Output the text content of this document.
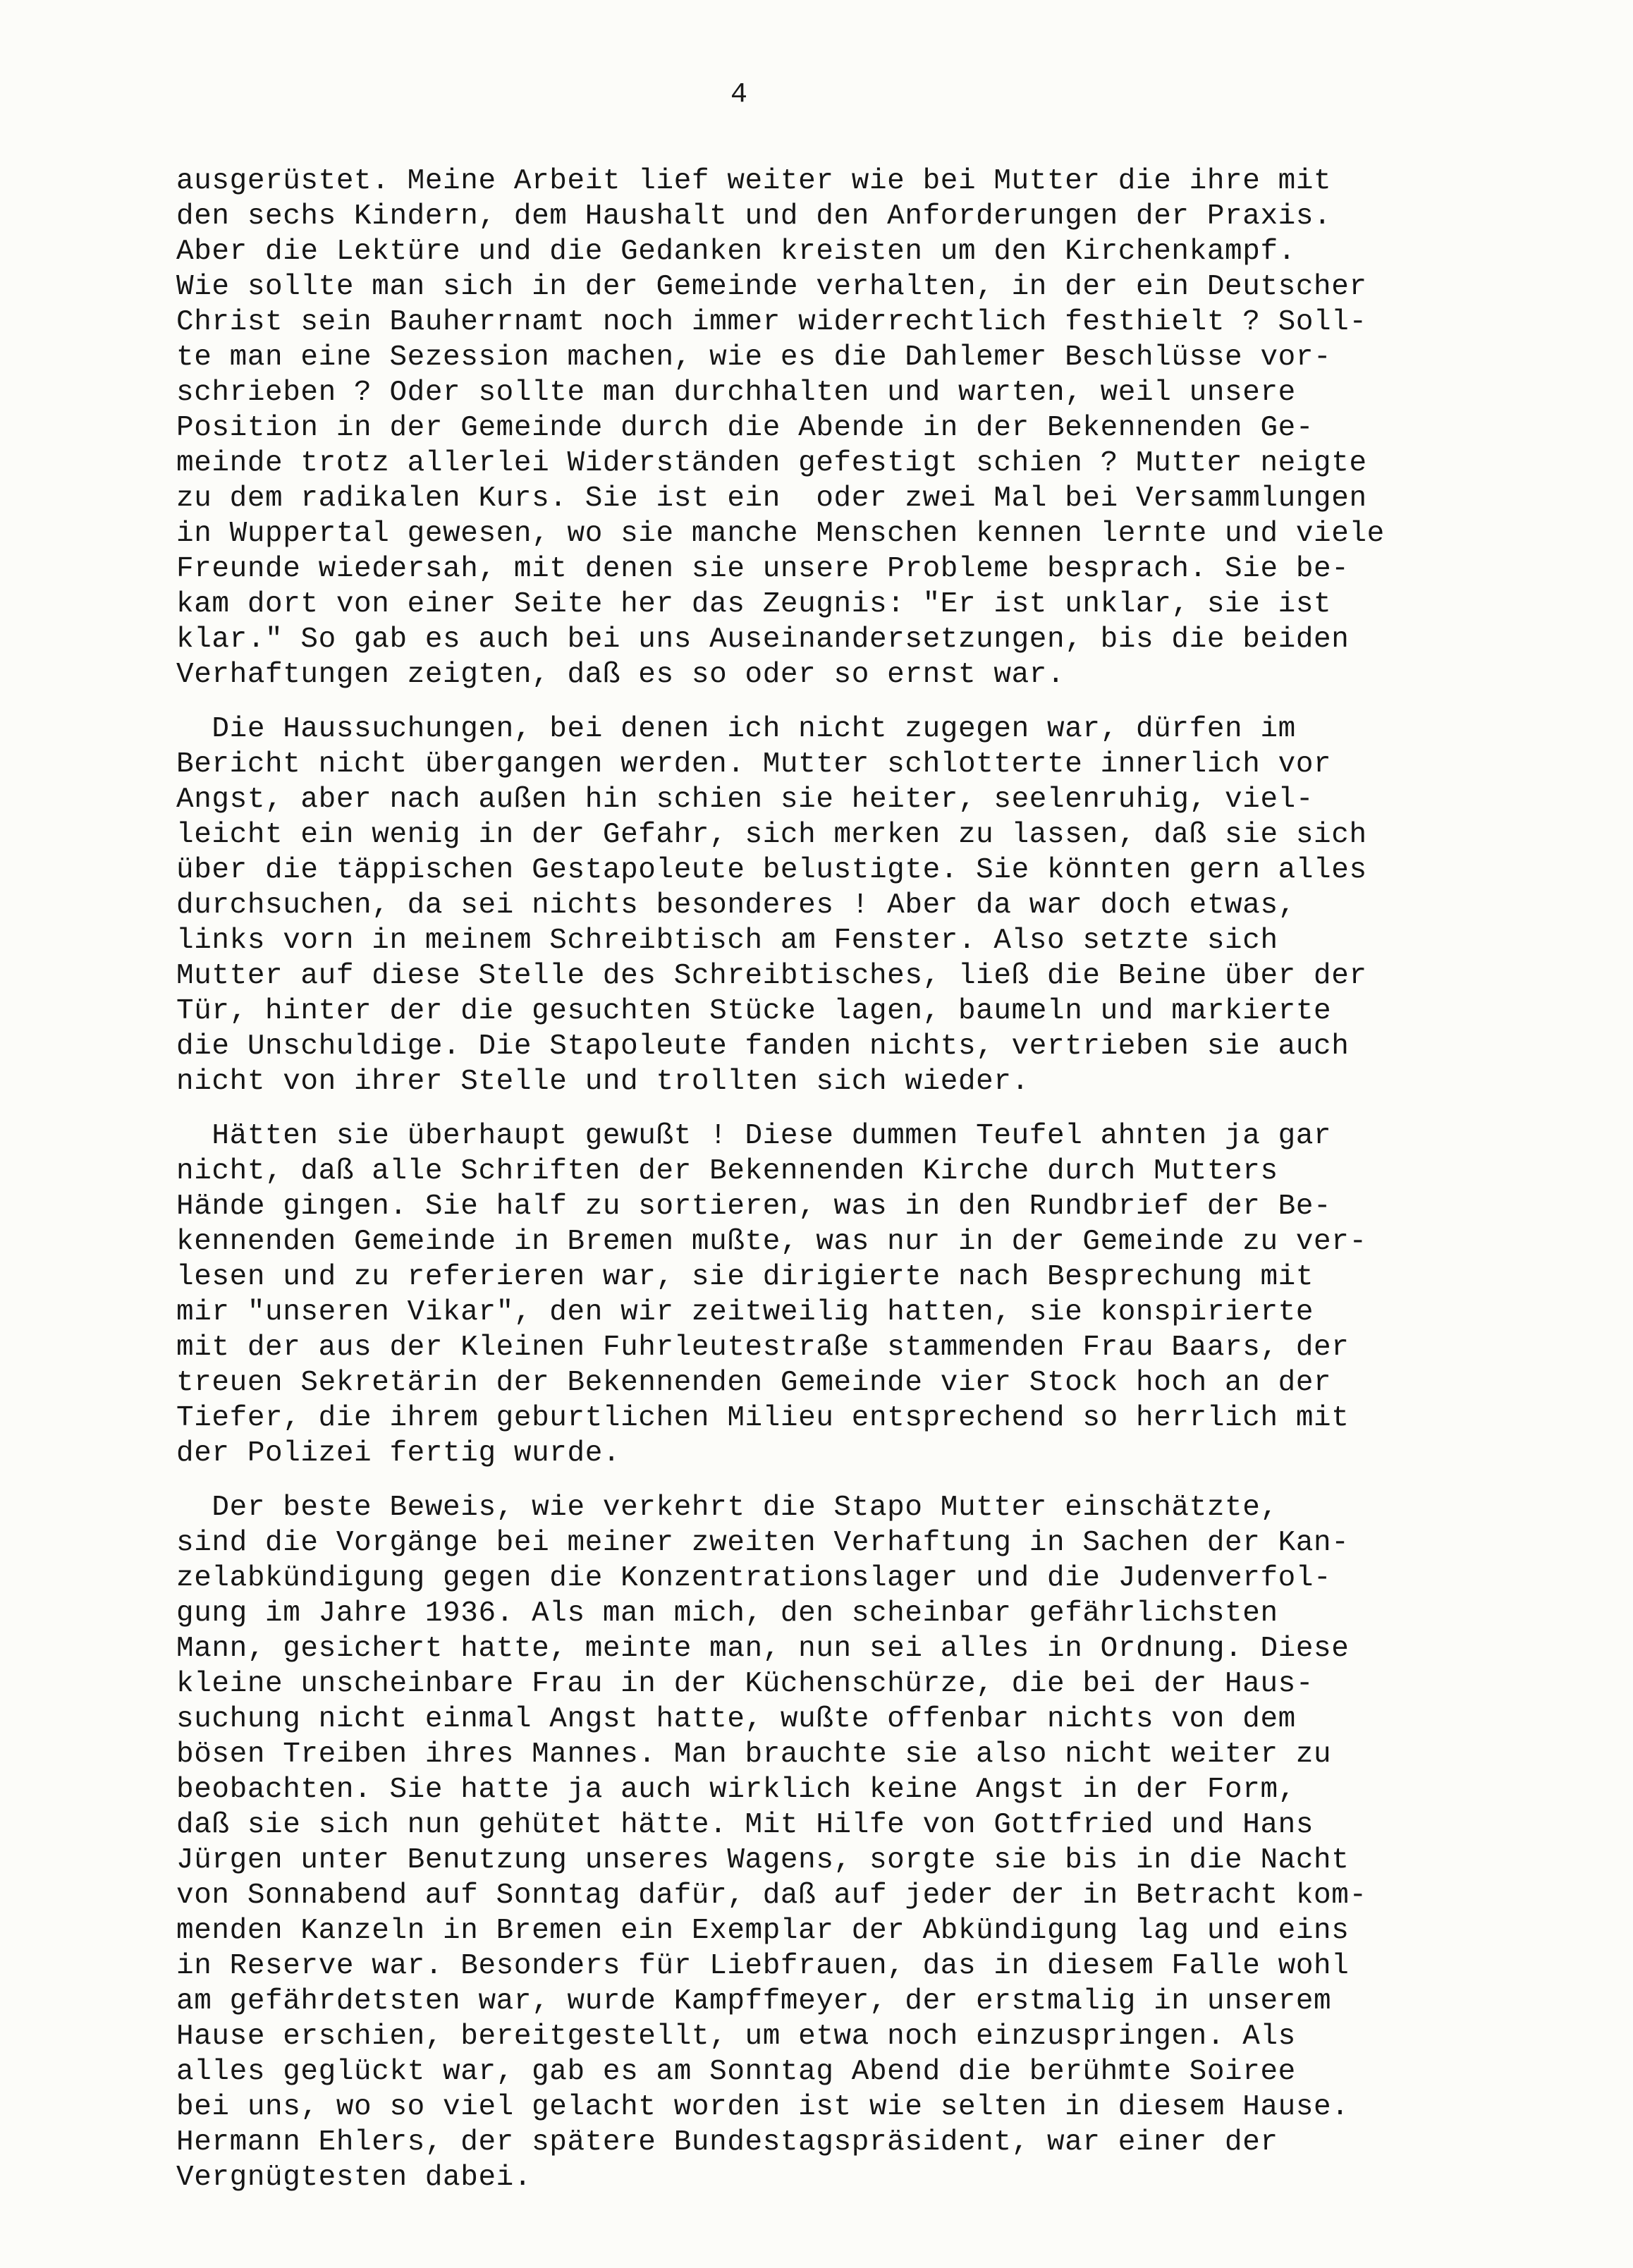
4
ausgerüstet. Meine Arbeit lief weiter wie bei Mutter die ihre mit
den sechs Kindern, dem Haushalt und den Anforderungen der Praxis.
Aber die Lektüre und die Gedanken kreisten um den Kirchenkampf.
Wie sollte man sich in der Gemeinde verhalten, in der ein Deutscher
Christ sein Bauherrnamt noch immer widerrechtlich festhielt ? Soll-
te man eine Sezession machen, wie es die Dahlemer Beschlüsse vor-
schrieben ? Oder sollte man durchhalten und warten, weil unsere
Position in der Gemeinde durch die Abende in der Bekennenden Ge-
meinde trotz allerlei Widerständen gefestigt schien ? Mutter neigte
zu dem radikalen Kurs. Sie ist ein  oder zwei Mal bei Versammlungen
in Wuppertal gewesen, wo sie manche Menschen kennen lernte und viele
Freunde wiedersah, mit denen sie unsere Probleme besprach. Sie be-
kam dort von einer Seite her das Zeugnis: "Er ist unklar, sie ist
klar." So gab es auch bei uns Auseinandersetzungen, bis die beiden
Verhaftungen zeigten, daß es so oder so ernst war.
Die Haussuchungen, bei denen ich nicht zugegen war, dürfen im
Bericht nicht übergangen werden. Mutter schlotterte innerlich vor
Angst, aber nach außen hin schien sie heiter, seelenruhig, viel-
leicht ein wenig in der Gefahr, sich merken zu lassen, daß sie sich
über die täppischen Gestapoleute belustigte. Sie könnten gern alles
durchsuchen, da sei nichts besonderes ! Aber da war doch etwas,
links vorn in meinem Schreibtisch am Fenster. Also setzte sich
Mutter auf diese Stelle des Schreibtisches, ließ die Beine über der
Tür, hinter der die gesuchten Stücke lagen, baumeln und markierte
die Unschuldige. Die Stapoleute fanden nichts, vertrieben sie auch
nicht von ihrer Stelle und trollten sich wieder.
Hätten sie überhaupt gewußt ! Diese dummen Teufel ahnten ja gar
nicht, daß alle Schriften der Bekennenden Kirche durch Mutters
Hände gingen. Sie half zu sortieren, was in den Rundbrief der Be-
kennenden Gemeinde in Bremen mußte, was nur in der Gemeinde zu ver-
lesen und zu referieren war, sie dirigierte nach Besprechung mit
mir "unseren Vikar", den wir zeitweilig hatten, sie konspirierte
mit der aus der Kleinen Fuhrleutestraße stammenden Frau Baars, der
treuen Sekretärin der Bekennenden Gemeinde vier Stock hoch an der
Tiefer, die ihrem geburtlichen Milieu entsprechend so herrlich mit
der Polizei fertig wurde.
Der beste Beweis, wie verkehrt die Stapo Mutter einschätzte,
sind die Vorgänge bei meiner zweiten Verhaftung in Sachen der Kan-
zelabkündigung gegen die Konzentrationslager und die Judenverfol-
gung im Jahre 1936. Als man mich, den scheinbar gefährlichsten
Mann, gesichert hatte, meinte man, nun sei alles in Ordnung. Diese
kleine unscheinbare Frau in der Küchenschürze, die bei der Haus-
suchung nicht einmal Angst hatte, wußte offenbar nichts von dem
bösen Treiben ihres Mannes. Man brauchte sie also nicht weiter zu
beobachten. Sie hatte ja auch wirklich keine Angst in der Form,
daß sie sich nun gehütet hätte. Mit Hilfe von Gottfried und Hans
Jürgen unter Benutzung unseres Wagens, sorgte sie bis in die Nacht
von Sonnabend auf Sonntag dafür, daß auf jeder der in Betracht kom-
menden Kanzeln in Bremen ein Exemplar der Abkündigung lag und eins
in Reserve war. Besonders für Liebfrauen, das in diesem Falle wohl
am gefährdetsten war, wurde Kampffmeyer, der erstmalig in unserem
Hause erschien, bereitgestellt, um etwa noch einzuspringen. Als
alles geglückt war, gab es am Sonntag Abend die berühmte Soiree
bei uns, wo so viel gelacht worden ist wie selten in diesem Hause.
Hermann Ehlers, der spätere Bundestagspräsident, war einer der
Vergnügtesten dabei.
